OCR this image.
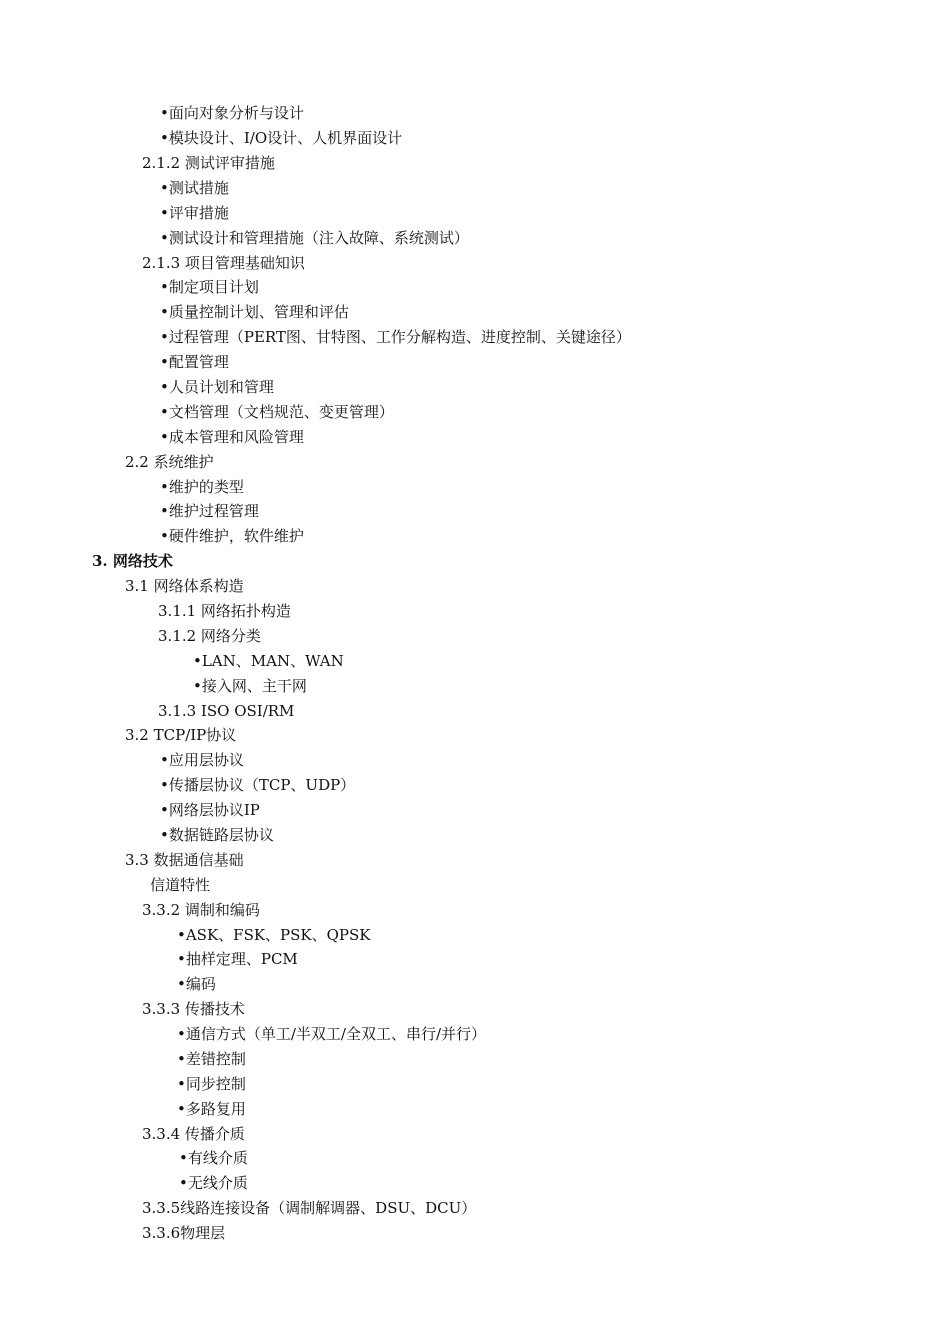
•面向对象分析与设计
•模块设计、I/O设计、人机界面设计
2.1.2 测试评审措施
•测试措施
•评审措施
•测试设计和管理措施（注入故障、系统测试）
2.1.3 项目管理基础知识
•制定项目计划
•质量控制计划、管理和评估
•过程管理（PERT图、甘特图、工作分解构造、进度控制、关键途径）
•配置管理
•人员计划和管理
•文档管理（文档规范、变更管理）
•成本管理和风险管理
2.2 系统维护
•维护的类型
•维护过程管理
•硬件维护，软件维护
3. 网络技术
3.1 网络体系构造
3.1.1 网络拓扑构造
3.1.2 网络分类
•LAN、MAN、WAN
•接入网、主干网
3.1.3 ISO OSI/RM
3.2 TCP/IP协议
•应用层协议
•传播层协议（TCP、UDP）
•网络层协议IP
•数据链路层协议
3.3 数据通信基础
信道特性
3.3.2 调制和编码
•ASK、FSK、PSK、QPSK
•抽样定理、PCM
•编码
3.3.3 传播技术
•通信方式（单工/半双工/全双工、串行/并行）
•差错控制
•同步控制
•多路复用
3.3.4 传播介质
•有线介质
•无线介质
3.3.5线路连接设备（调制解调器、DSU、DCU）
3.3.6物理层
